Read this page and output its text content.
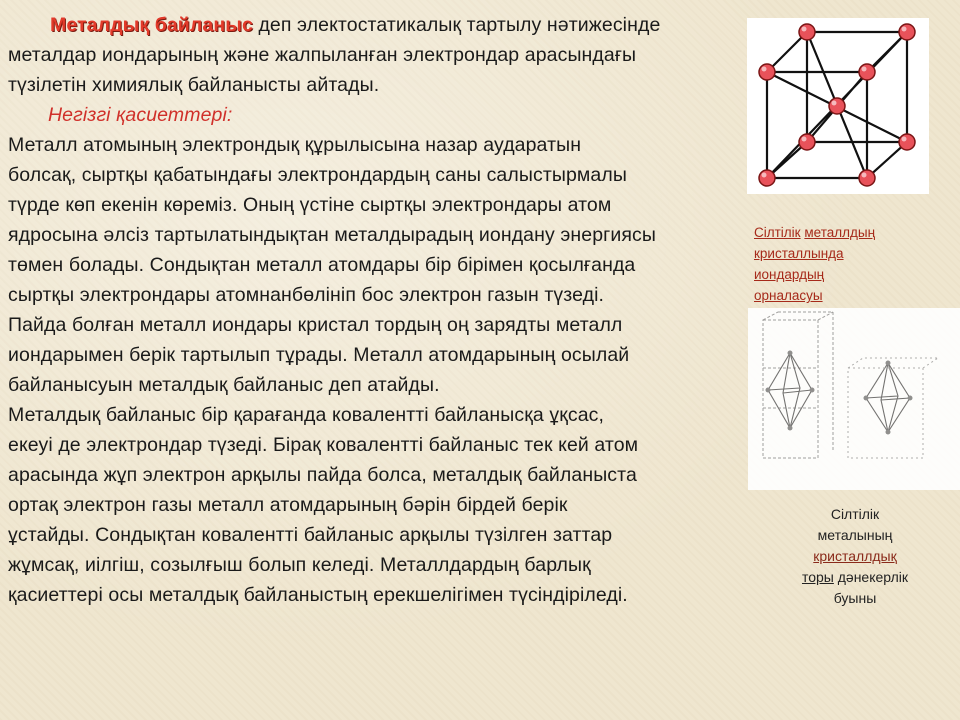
Металдық байланыс деп электостатикалық тартылу нәтижесінде
металдар иондарының және жалпыланған электрондар арасындағы
түзілетін химиялық байланысты айтады.
Негізгі қасиеттері:
Металл атомының электрондық құрылысына назар аударатын
болсақ, сыртқы қабатындағы электрондардың саны салыстырмалы
түрде көп екенін көреміз. Оның үстіне сыртқы электрондары атом
ядросына әлсіз тартылатындықтан металдырадың иондану энергиясы
төмен болады. Сондықтан металл атомдары бір бірімен қосылғанда
сыртқы электрондары атомнанбөлініп бос электрон газын түзеді.
Пайда болған металл иондары кристал тордың оң зарядты металл
иондарымен берік тартылып тұрады. Металл атомдарының осылай
байланысуын металдық байланыс деп атайды.
Металдық байланыс бір қарағанда коваленттi байланысқа ұқсас,
екеуі де электрондар түзеді. Бірақ коваленттi байланыс тек кей атом
арасында жұп электрон арқылы пайда болса, металдық байланыста
ортақ электрон газы металл атомдарының бәрін бірдей берік
ұстайды. Сондықтан коваленттi байланыс арқылы түзілген заттар
жұмсақ, иілгіш, созылғыш болып келеді. Металлдардың барлық
қасиеттері осы металдық байланыстың ерекшелігімен түсіндіріледі.
Сілтілік металлдың
кристаллында
иондардың
орналасуы
Сілтілік
металының
кристаллдық
торы дәнекерлік
буыны
